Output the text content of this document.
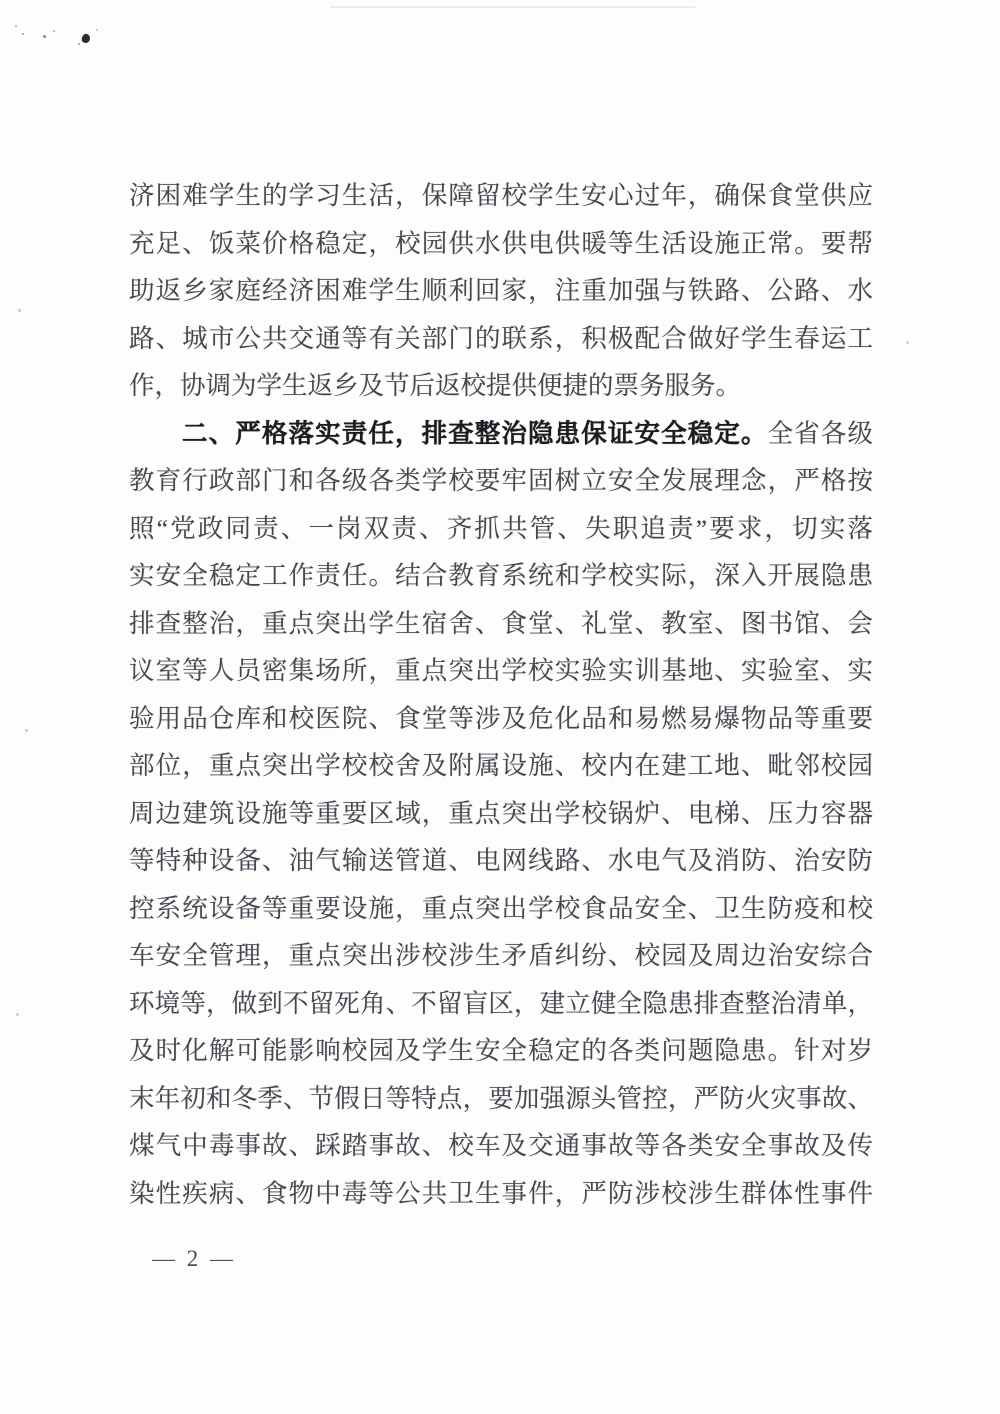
济困难学生的学习生活，保障留校学生安心过年，确保食堂供应
充足、饭菜价格稳定，校园供水供电供暖等生活设施正常。要帮
助返乡家庭经济困难学生顺利回家，注重加强与铁路、公路、水
路、城市公共交通等有关部门的联系，积极配合做好学生春运工
作，协调为学生返乡及节后返校提供便捷的票务服务。
二、严格落实责任，排查整治隐患保证安全稳定。全省各级
教育行政部门和各级各类学校要牢固树立安全发展理念，严格按
照“党政同责、一岗双责、齐抓共管、失职追责”要求，切实落
实安全稳定工作责任。结合教育系统和学校实际，深入开展隐患
排查整治，重点突出学生宿舍、食堂、礼堂、教室、图书馆、会
议室等人员密集场所，重点突出学校实验实训基地、实验室、实
验用品仓库和校医院、食堂等涉及危化品和易燃易爆物品等重要
部位，重点突出学校校舍及附属设施、校内在建工地、毗邻校园
周边建筑设施等重要区域，重点突出学校锅炉、电梯、压力容器
等特种设备、油气输送管道、电网线路、水电气及消防、治安防
控系统设备等重要设施，重点突出学校食品安全、卫生防疫和校
车安全管理，重点突出涉校涉生矛盾纠纷、校园及周边治安综合
环境等，做到不留死角、不留盲区，建立健全隐患排查整治清单，
及时化解可能影响校园及学生安全稳定的各类问题隐患。针对岁
末年初和冬季、节假日等特点，要加强源头管控，严防火灾事故、
煤气中毒事故、踩踏事故、校车及交通事故等各类安全事故及传
染性疾病、食物中毒等公共卫生事件，严防涉校涉生群体性事件
— 2 —
